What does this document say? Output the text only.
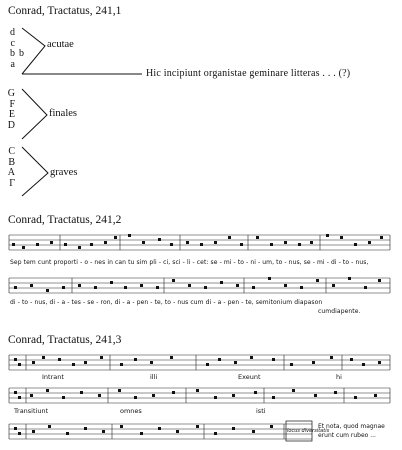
Conrad, Tractatus, 241,1
d
c
b
a
b
acutae
G
F
E
D
finales
C
B
A
Γ
graves
Hic incipiunt organistae geminare litteras . . . (?)
Conrad, Tractatus, 241,2
Sep tem cunt proporti - o - nes in can tu sim pli - ci, sci - li - cet: se - mi - to - ni - um, to - nus, se - mi - di - to - nus,
di - to - nus, di - a - tes - se - ron, di - a - pen - te, to - nus cum di - a - pen - te, semitonium diapason
cumdiapente.
Conrad, Tractatus, 241,3
Intrant	illi	Exeunt	hi
Transitiunt	omnes	isti
locus diversitatis
Et nota, quod magnae
erunt cum rubeo ...
